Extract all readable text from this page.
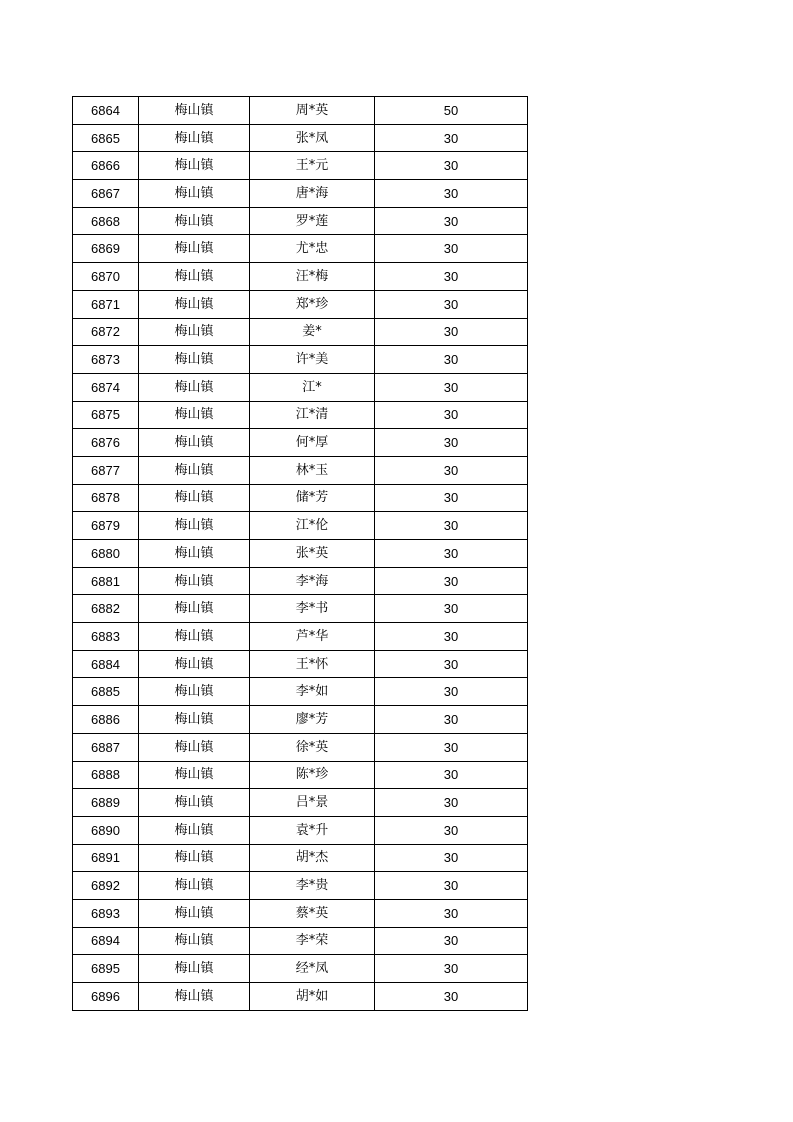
6864	梅山镇	周*英	50
6865	梅山镇	张*凤	30
6866	梅山镇	王*元	30
6867	梅山镇	唐*海	30
6868	梅山镇	罗*莲	30
6869	梅山镇	尤*忠	30
6870	梅山镇	汪*梅	30
6871	梅山镇	郑*珍	30
6872	梅山镇	姜*	30
6873	梅山镇	许*美	30
6874	梅山镇	江*	30
6875	梅山镇	江*清	30
6876	梅山镇	何*厚	30
6877	梅山镇	林*玉	30
6878	梅山镇	储*芳	30
6879	梅山镇	江*伦	30
6880	梅山镇	张*英	30
6881	梅山镇	李*海	30
6882	梅山镇	李*书	30
6883	梅山镇	芦*华	30
6884	梅山镇	王*怀	30
6885	梅山镇	李*如	30
6886	梅山镇	廖*芳	30
6887	梅山镇	徐*英	30
6888	梅山镇	陈*珍	30
6889	梅山镇	吕*景	30
6890	梅山镇	袁*升	30
6891	梅山镇	胡*杰	30
6892	梅山镇	李*贵	30
6893	梅山镇	蔡*英	30
6894	梅山镇	李*荣	30
6895	梅山镇	经*凤	30
6896	梅山镇	胡*如	30
